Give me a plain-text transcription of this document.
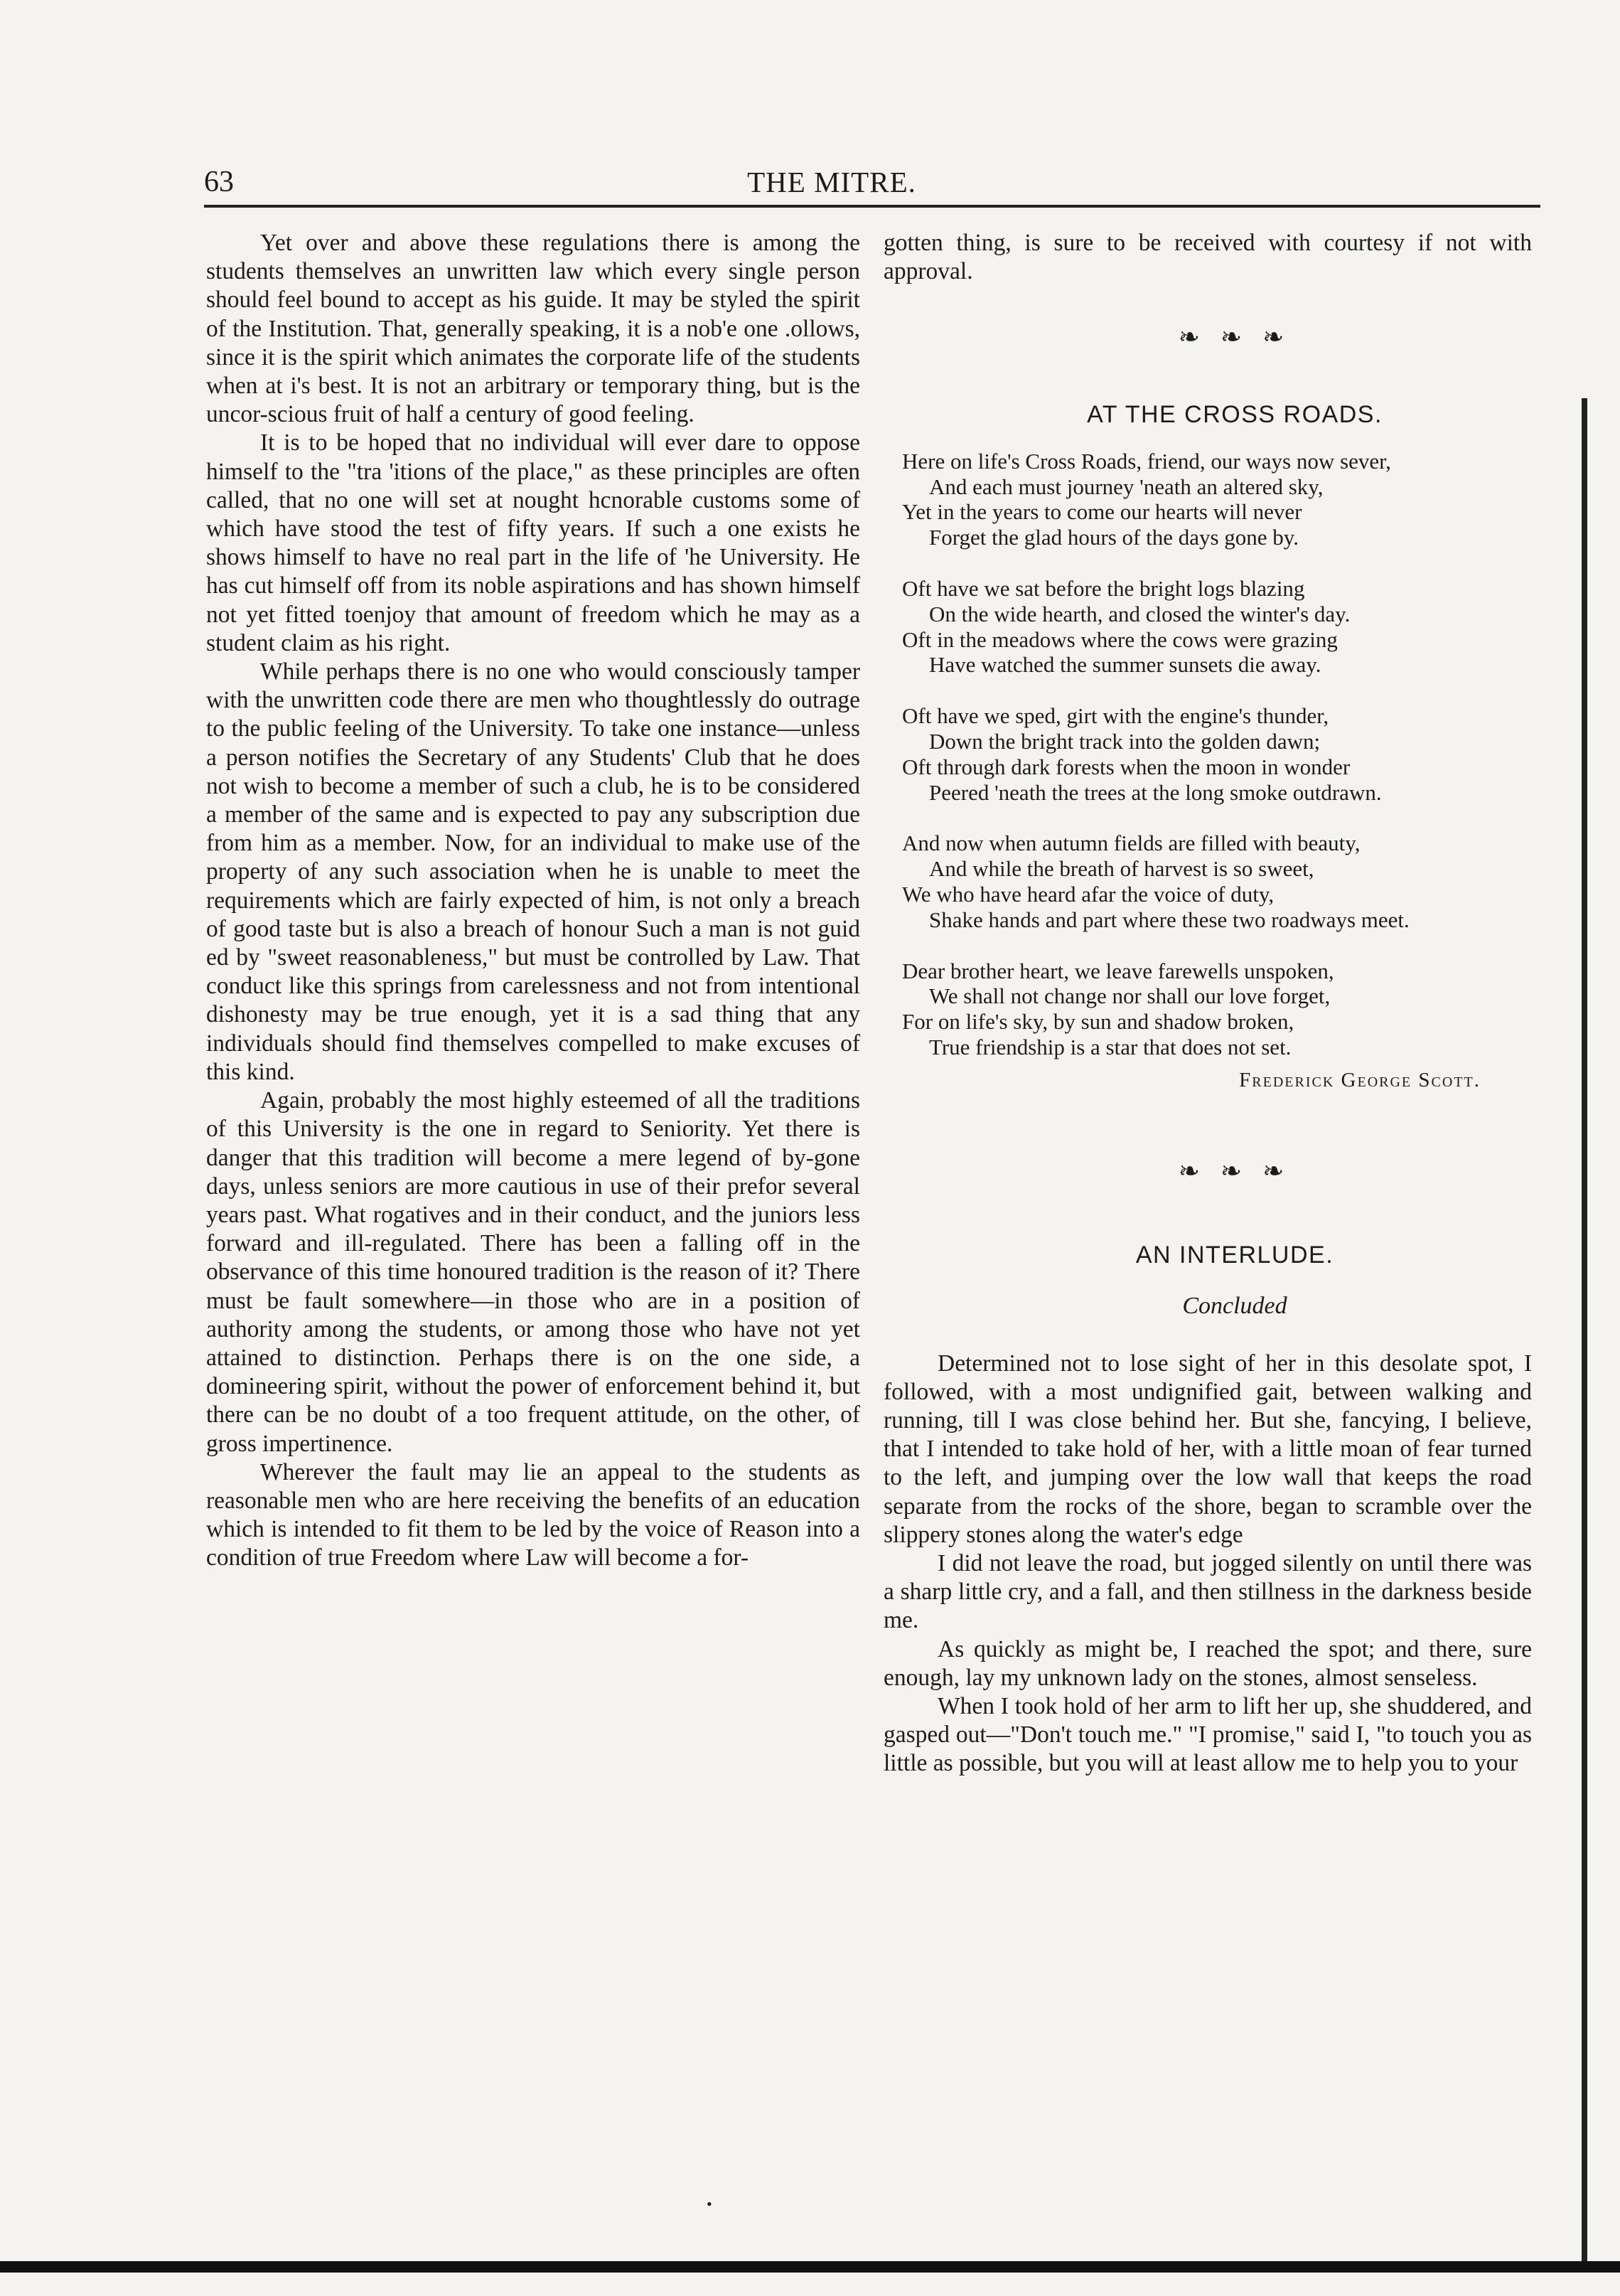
63	THE MITRE.

Yet over and above these regulations there is among the students themselves an unwritten law which every single person should feel bound to accept as his guide. It may be styled the spirit of the Institution. That, generally speaking, it is a nob'e one .ollows, since it is the spirit which animates the corporate life of the students when at i's best. It is not an arbitrary or temporary thing, but is the uncor-scious fruit of half a century of good feeling.

It is to be hoped that no individual will ever dare to oppose himself to the "tra 'itions of the place," as these principles are often called, that no one will set at nought hcnorable customs some of which have stood the test of fifty years. If such a one exists he shows himself to have no real part in the life of 'he University. He has cut himself off from its noble aspirations and has shown himself not yet fitted toenjoy that amount of freedom which he may as a student claim as his right.

While perhaps there is no one who would consciously tamper with the unwritten code there are men who thoughtlessly do outrage to the public feeling of the University. To take one instance—unless a person notifies the Secretary of any Students' Club that he does not wish to become a member of such a club, he is to be considered a member of the same and is expected to pay any subscription due from him as a member. Now, for an individual to make use of the property of any such association when he is unable to meet the requirements which are fairly expected of him, is not only a breach of good taste but is also a breach of honour Such a man is not guid ed by "sweet reasonableness," but must be controlled by Law. That conduct like this springs from carelessness and not from intentional dishonesty may be true enough, yet it is a sad thing that any individuals should find themselves compelled to make excuses of this kind.

Again, probably the most highly esteemed of all the traditions of this University is the one in regard to Seniority. Yet there is danger that this tradition will become a mere legend of by-gone days, unless seniors are more cautious in use of their prefor several years past. What rogatives and in their conduct, and the juniors less forward and ill-regulated. There has been a falling off in the observance of this time honoured tradition is the reason of it? There must be fault somewhere—in those who are in a position of authority among the students, or among those who have not yet attained to distinction. Perhaps there is on the one side, a domineering spirit, without the power of enforcement behind it, but there can be no doubt of a too frequent attitude, on the other, of gross impertinence.

Wherever the fault may lie an appeal to the students as reasonable men who are here receiving the benefits of an education which is intended to fit them to be led by the voice of Reason into a condition of true Freedom where Law will become a for-

gotten thing, is sure to be received with courtesy if not with approval.

❧ ❧ ❧

AT THE CROSS ROADS.

Here on life's Cross Roads, friend, our ways now sever,
And each must journey 'neath an altered sky,
Yet in the years to come our hearts will never
Forget the glad hours of the days gone by.
Oft have we sat before the bright logs blazing
On the wide hearth, and closed the winter's day.
Oft in the meadows where the cows were grazing
Have watched the summer sunsets die away.
Oft have we sped, girt with the engine's thunder,
Down the bright track into the golden dawn;
Oft through dark forests when the moon in wonder
Peered 'neath the trees at the long smoke outdrawn.
And now when autumn fields are filled with beauty,
And while the breath of harvest is so sweet,
We who have heard afar the voice of duty,
Shake hands and part where these two roadways meet.
Dear brother heart, we leave farewells unspoken,
We shall not change nor shall our love forget,
For on life's sky, by sun and shadow broken,
True friendship is a star that does not set.

Frederick George Scott.

❧ ❧ ❧

AN INTERLUDE.

Concluded

Determined not to lose sight of her in this desolate spot, I followed, with a most undignified gait, between walking and running, till I was close behind her. But she, fancying, I believe, that I intended to take hold of her, with a little moan of fear turned to the left, and jumping over the low wall that keeps the road separate from the rocks of the shore, began to scramble over the slippery stones along the water's edge

I did not leave the road, but jogged silently on until there was a sharp little cry, and a fall, and then stillness in the darkness beside me.

As quickly as might be, I reached the spot; and there, sure enough, lay my unknown lady on the stones, almost senseless.

When I took hold of her arm to lift her up, she shuddered, and gasped out—"Don't touch me." "I promise," said I, "to touch you as little as possible, but you will at least allow me to help you to your

•
